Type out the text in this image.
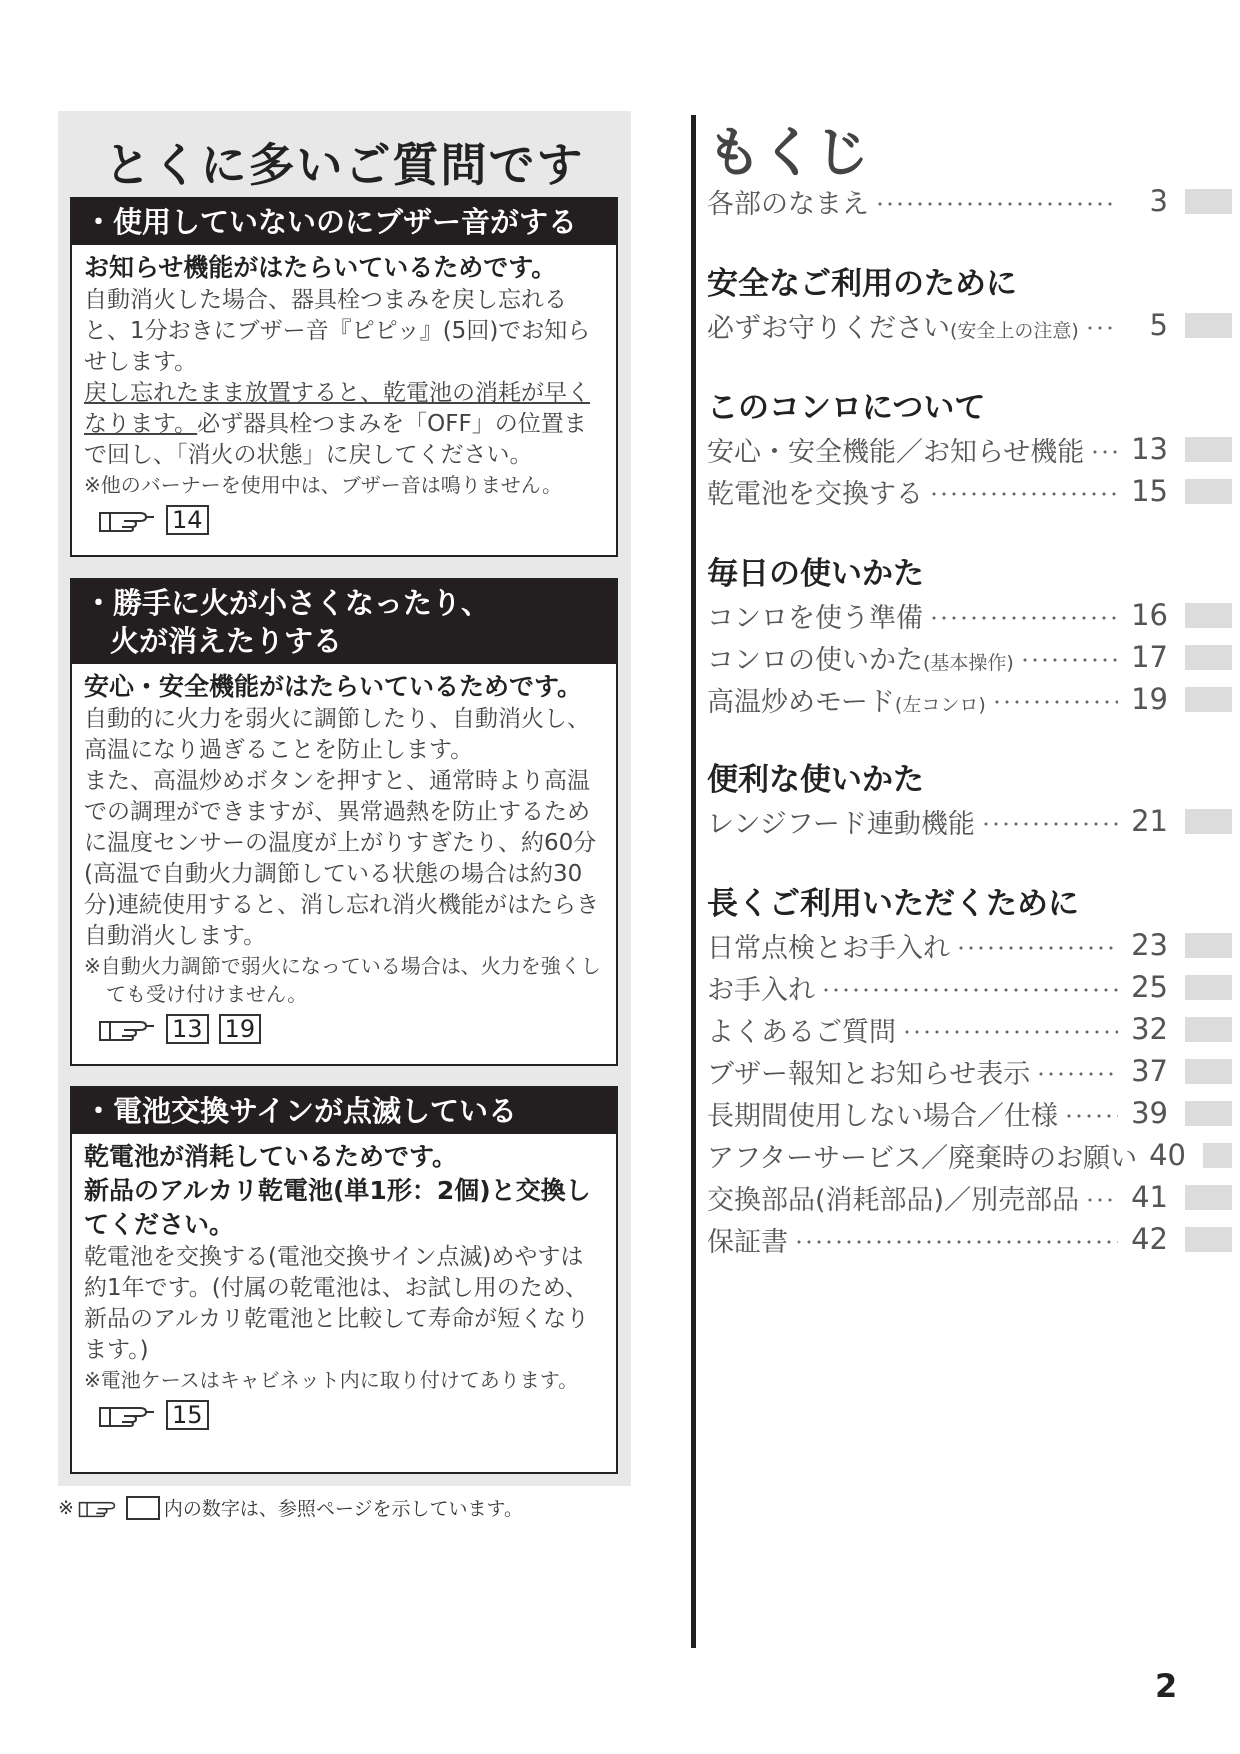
とくに多いご質問です
・使用していないのにブザー音がする
お知らせ機能がはたらいているためです。
自動消火した場合、器具栓つまみを戻し忘れると、1分おきにブザー音『ピピッ』(5回)でお知らせします。
戻し忘れたまま放置すると、乾電池の消耗が早くなります。必ず器具栓つまみを「OFF」の位置まで回し、「消火の状態」に戻してください。
※他のバーナーを使用中は、ブザー音は鳴りません。
14
・勝手に火が小さくなったり、
火が消えたりする
安心・安全機能がはたらいているためです。
自動的に火力を弱火に調節したり、自動消火し、高温になり過ぎることを防止します。
また、高温炒めボタンを押すと、通常時より高温での調理ができますが、異常過熱を防止するために温度センサーの温度が上がりすぎたり、約60分(高温で自動火力調節している状態の場合は約30分)連続使用すると、消し忘れ消火機能がはたらき自動消火します。
※自動火力調節で弱火になっている場合は、火力を強くしても受け付けません。
13 19
・電池交換サインが点滅している
乾電池が消耗しているためです。
新品のアルカリ乾電池(単1形：2個)と交換してください。
乾電池を交換する(電池交換サイン点滅)めやすは約1年です。(付属の乾電池は、お試し用のため、新品のアルカリ乾電池と比較して寿命が短くなります。)
※電池ケースはキャビネット内に取り付けてあります。
15
※	内の数字は、参照ページを示しています。
もくじ
各部のなまえ	3
安全なご利用のために
必ずお守りください(安全上の注意)	5
このコンロについて
安心・安全機能／お知らせ機能 13
乾電池を交換する	15
毎日の使いかた
コンロを使う準備	16
コンロの使いかた(基本操作)	17
高温炒めモード(左コンロ)	19
便利な使いかた
レンジフード連動機能	21
長くご利用いただくために
日常点検とお手入れ	23
お手入れ	25
よくあるご質問	32
ブザー報知とお知らせ表示	37
長期間使用しない場合／仕様	39
アフターサービス／廃棄時のお願い 40
交換部品(消耗部品)／別売部品 41
保証書	42
2
